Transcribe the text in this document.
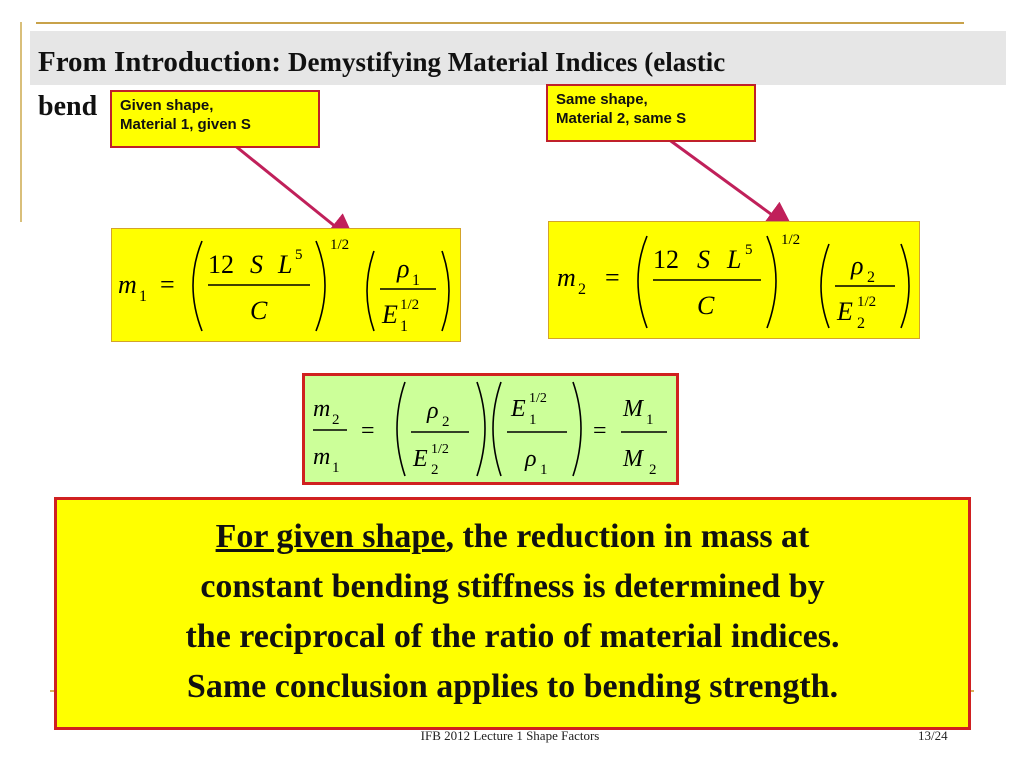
From Introduction: Demystifying Material Indices (elastic
bend	Given shape,
Material 1, given S
Same shape,
Material 2, same S
m 1 =
12 S L 5
C
1/2
ρ 1
E 1/2
1
m 2 =
12 S L 5
C
1/2
ρ 2
E 1/2
2
m 2
m 1
=
ρ 2
E 1/2
2
E 1/2
1
ρ 1
=
M 1
M 2
For given shape, the reduction in mass at
constant bending stiffness is determined by
the reciprocal of the ratio of material indices.
Same conclusion applies to bending strength.
IFB 2012 Lecture 1 Shape Factors	13/24
